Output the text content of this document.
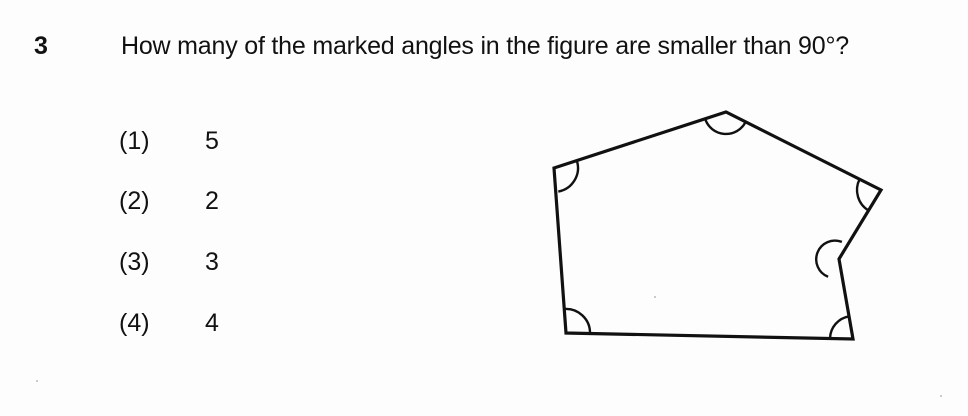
3	How many of the marked angles in the figure are smaller than 90°?
(1)	5
(2)	2
(3)	3
(4)	4
